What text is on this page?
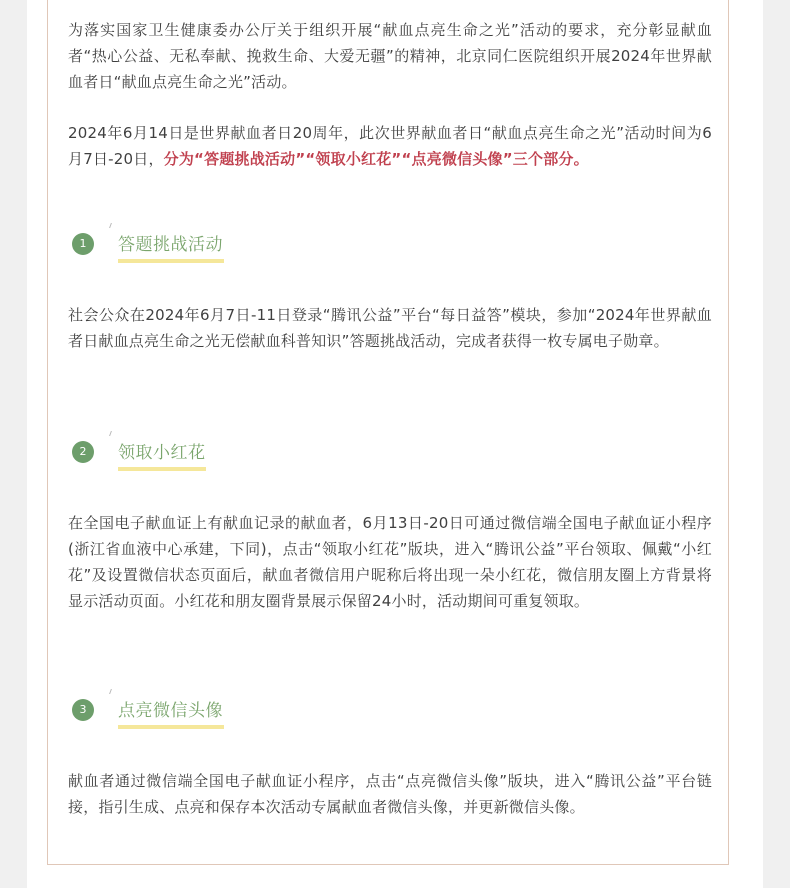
为落实国家卫生健康委办公厅关于组织开展“献血点亮生命之光”活动的要求，充分彰显献血者“热心公益、无私奉献、挽救生命、大爱无疆”的精神，北京同仁医院组织开展2024年世界献血者日“献血点亮生命之光”活动。

2024年6月14日是世界献血者日20周年，此次世界献血者日“献血点亮生命之光”活动时间为6月7日-20日，分为“答题挑战活动”“领取小红花”“点亮微信头像”三个部分。

1	答题挑战活动

社会公众在2024年6月7日-11日登录“腾讯公益”平台“每日益答”模块，参加“2024年世界献血者日献血点亮生命之光无偿献血科普知识”答题挑战活动，完成者获得一枚专属电子勋章。

2	领取小红花

在全国电子献血证上有献血记录的献血者，6月13日-20日可通过微信端全国电子献血证小程序(浙江省血液中心承建，下同)，点击“领取小红花”版块，进入“腾讯公益”平台领取、佩戴“小红花”及设置微信状态页面后，献血者微信用户昵称后将出现一朵小红花，微信朋友圈上方背景将显示活动页面。小红花和朋友圈背景展示保留24小时，活动期间可重复领取。

3	点亮微信头像

献血者通过微信端全国电子献血证小程序，点击“点亮微信头像”版块，进入“腾讯公益”平台链接，指引生成、点亮和保存本次活动专属献血者微信头像，并更新微信头像。
